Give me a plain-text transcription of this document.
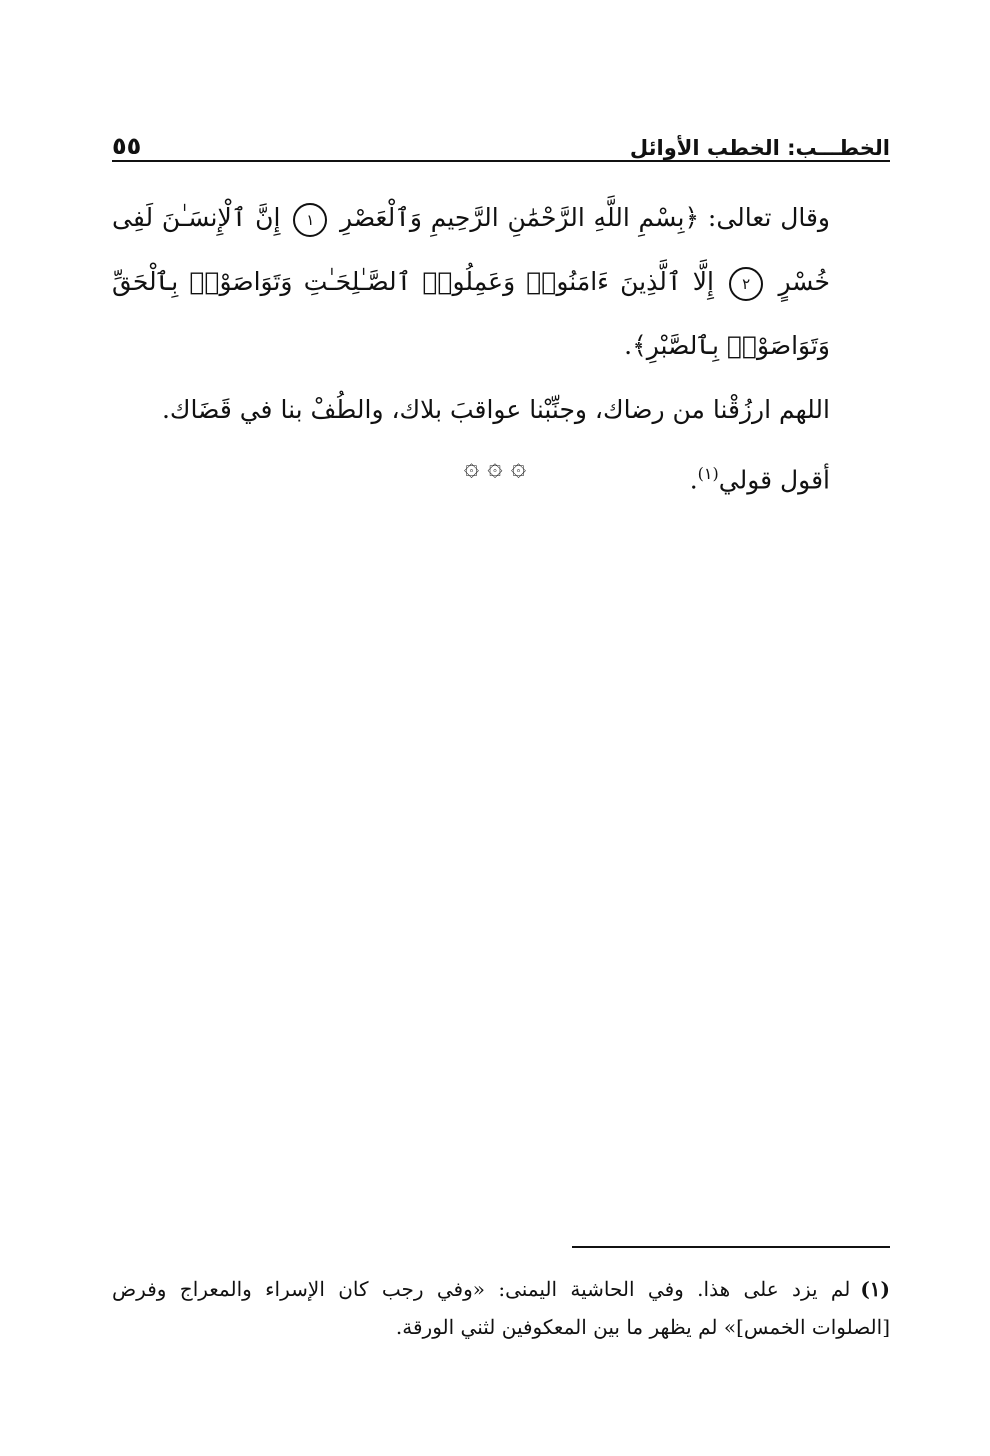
٥٥	الخطـــب: الخطب الأوائل

وقال تعالى: ﴿بِسْمِ اللَّهِ الرَّحْمَٰنِ الرَّحِيمِ وَٱلْعَصْرِ ١ إِنَّ ٱلْإِنسَـٰنَ لَفِى خُسْرٍ ٢ إِلَّا ٱلَّذِينَ ءَامَنُوا۟ وَعَمِلُوا۟ ٱلصَّـٰلِحَـٰتِ وَتَوَاصَوْا۟ بِٱلْحَقِّ وَتَوَاصَوْا۟ بِٱلصَّبْرِ﴾.

اللهم ارزُقْنا من رضاك، وجنِّبْنا عواقبَ بلاك، والطُفْ بنا في قَضَاك.

أقول قولي$^{(١)}$.

۞ ۞ ۞
(١)لم يزد على هذا. وفي الحاشية اليمنى: «وفي رجب كان الإسراء والمعراج وفرض [الصلوات الخمس]» لم يظهر ما بين المعكوفين لثني الورقة.
